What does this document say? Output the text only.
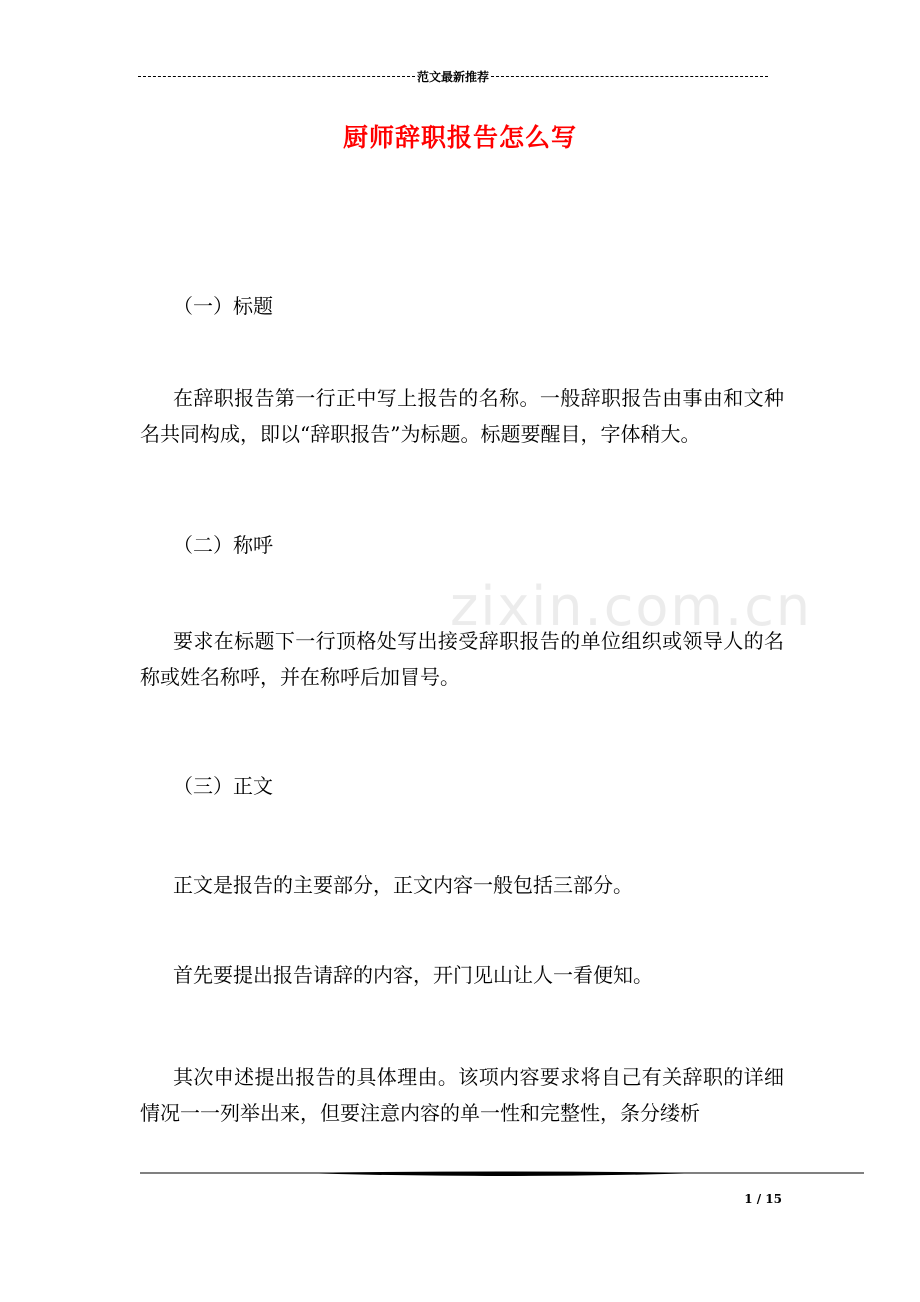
范文最新推荐
厨师辞职报告怎么写
zixin.com.cn
（一）标题
在辞职报告第一行正中写上报告的名称。一般辞职报告由事由和文种名共同构成，即以“辞职报告”为标题。标题要醒目，字体稍大。
（二）称呼
要求在标题下一行顶格处写出接受辞职报告的单位组织或领导人的名称或姓名称呼，并在称呼后加冒号。
（三）正文
正文是报告的主要部分，正文内容一般包括三部分。
首先要提出报告请辞的内容，开门见山让人一看便知。
其次申述提出报告的具体理由。该项内容要求将自己有关辞职的详细情况一一列举出来，但要注意内容的单一性和完整性，条分缕析
1 / 15
